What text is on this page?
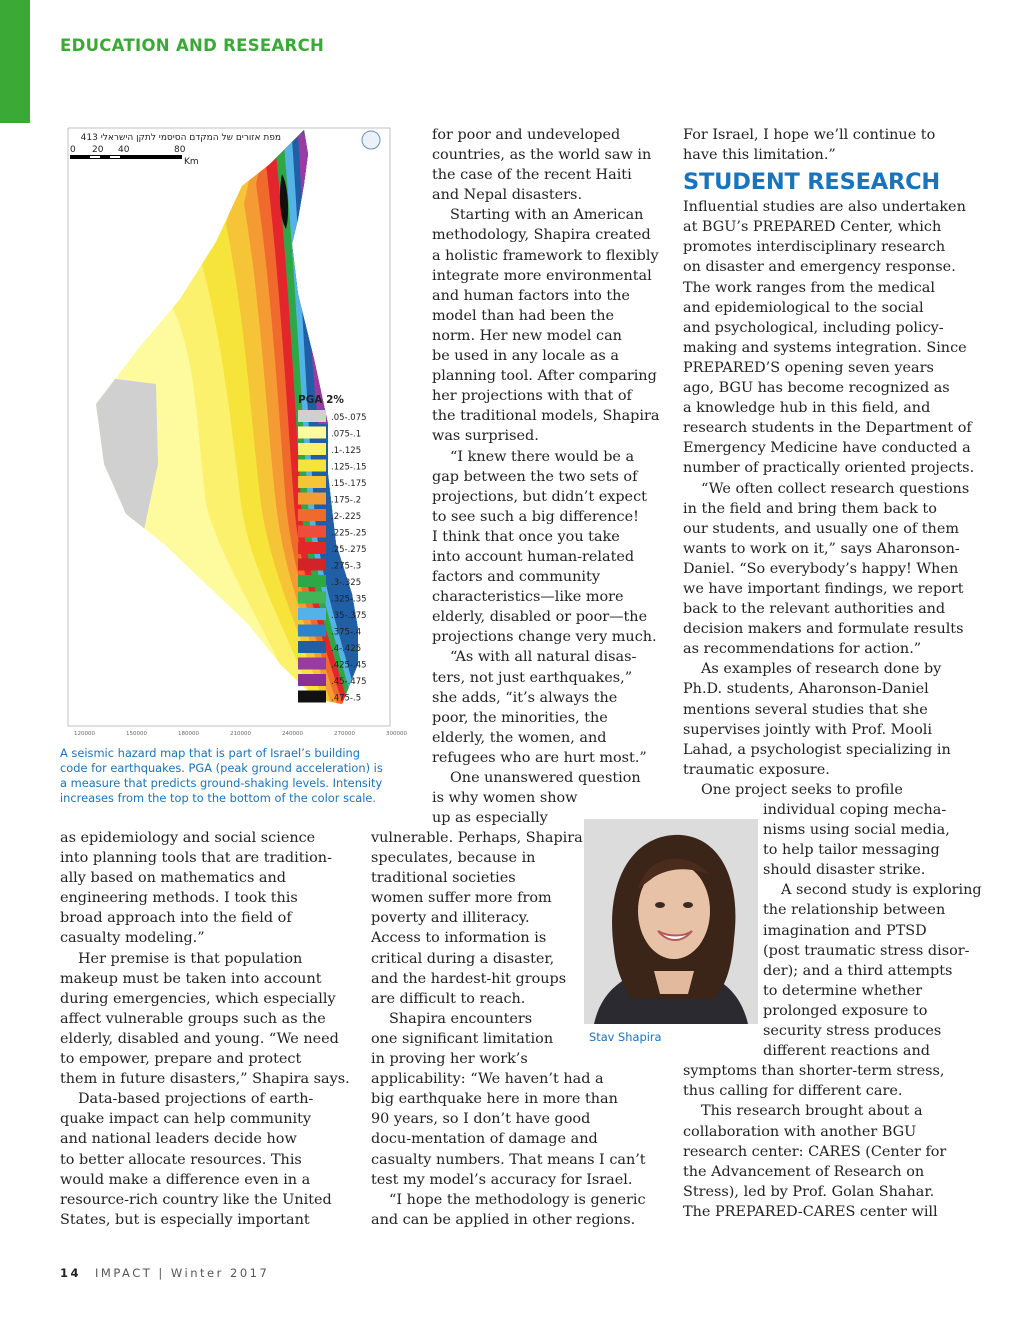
EDUCATION AND RESEARCH
מפת אזורים של המקדם הסיסמי לתקן הישראלי 413
0 20 40	80
Km
PGA 2%
.05-.075
.075-.1
.1-.125
.125-.15
.15-.175
.175-.2
.2-.225
.225-.25
.25-.275
.275-.3
.3-.325
.325-.35
.35-.375
.375-.4
.4-.425
.425-.45
.45-.475
.475-.5
120000	150000	180000	210000	240000	270000	300000
A seismic hazard map that is part of Israel’s building
code for earthquakes. PGA (peak ground acceleration) is
a measure that predicts ground-shaking levels. Intensity
increases from the top to the bottom of the color scale.

as epidemiology and social science

into planning tools that are tradition-

ally based on mathematics and

engineering methods. I took this

broad approach into the field of

casualty modeling.”

Her premise is that population

makeup must be taken into account

during emergencies, which especially

affect vulnerable groups such as the

elderly, disabled and young. “We need

to empower, prepare and protect

them in future disasters,” Shapira says.

Data-based projections of earth-

quake impact can help community

and national leaders decide how

to better allocate resources. This

would make a difference even in a

resource-rich country like the United

States, but is especially important

for poor and undeveloped

countries, as the world saw in

the case of the recent Haiti

and Nepal disasters.

Starting with an American

methodology, Shapira created

a holistic framework to flexibly

integrate more environmental

and human factors into the

model than had been the

norm. Her new model can

be used in any locale as a

planning tool. After comparing

her projections with that of

the traditional models, Shapira

was surprised.

“I knew there would be a

gap between the two sets of

projections, but didn’t expect

to see such a big difference!

I think that once you take

into account human-related

factors and community

characteristics—like more

elderly, disabled or poor—the

projections change very much.

“As with all natural disas-

ters, not just earthquakes,”

she adds, “it’s always the

poor, the minorities, the

elderly, the women, and

refugees who are hurt most.”

One unanswered question

is why women show

up as especially

vulnerable. Perhaps, Shapira

speculates, because in

traditional societies

women suffer more from

poverty and illiteracy.

Access to information is

critical during a disaster,

and the hardest-hit groups

are difficult to reach.

Shapira encounters

one significant limitation

in proving her work’s

applicability: “We haven’t had a

big earthquake here in more than

90 years, so I don’t have good

docu-mentation of damage and

casualty numbers. That means I can’t

test my model’s accuracy for Israel.

“I hope the methodology is generic

and can be applied in other regions.

Stav Shapira

For Israel, I hope we’ll continue to

have this limitation.”

STUDENT RESEARCH

Influential studies are also undertaken

at BGU’s PREPARED Center, which

promotes interdisciplinary research

on disaster and emergency response.

The work ranges from the medical

and epidemiological to the social

and psychological, including policy-

making and systems integration. Since

PREPARED’S opening seven years

ago, BGU has become recognized as

a knowledge hub in this field, and

research students in the Department of

Emergency Medicine have conducted a

number of practically oriented projects.

“We often collect research questions

in the field and bring them back to

our students, and usually one of them

wants to work on it,” says Aharonson-

Daniel. “So everybody’s happy! When

we have important findings, we report

back to the relevant authorities and

decision makers and formulate results

as recommendations for action.”

As examples of research done by

Ph.D. students, Aharonson-Daniel

mentions several studies that she

supervises jointly with Prof. Mooli

Lahad, a psychologist specializing in

traumatic exposure.

One project seeks to profile

individual coping mecha-

nisms using social media,

to help tailor messaging

should disaster strike.

A second study is exploring

the relationship between

imagination and PTSD

(post traumatic stress disor-

der); and a third attempts

to determine whether

prolonged exposure to

security stress produces

different reactions and

symptoms than shorter-term stress,

thus calling for different care.

This research brought about a

collaboration with another BGU

research center: CARES (Center for

the Advancement of Research on

Stress), led by Prof. Golan Shahar.

The PREPARED-CARES center will

14 IMPACT | Winter 2017
